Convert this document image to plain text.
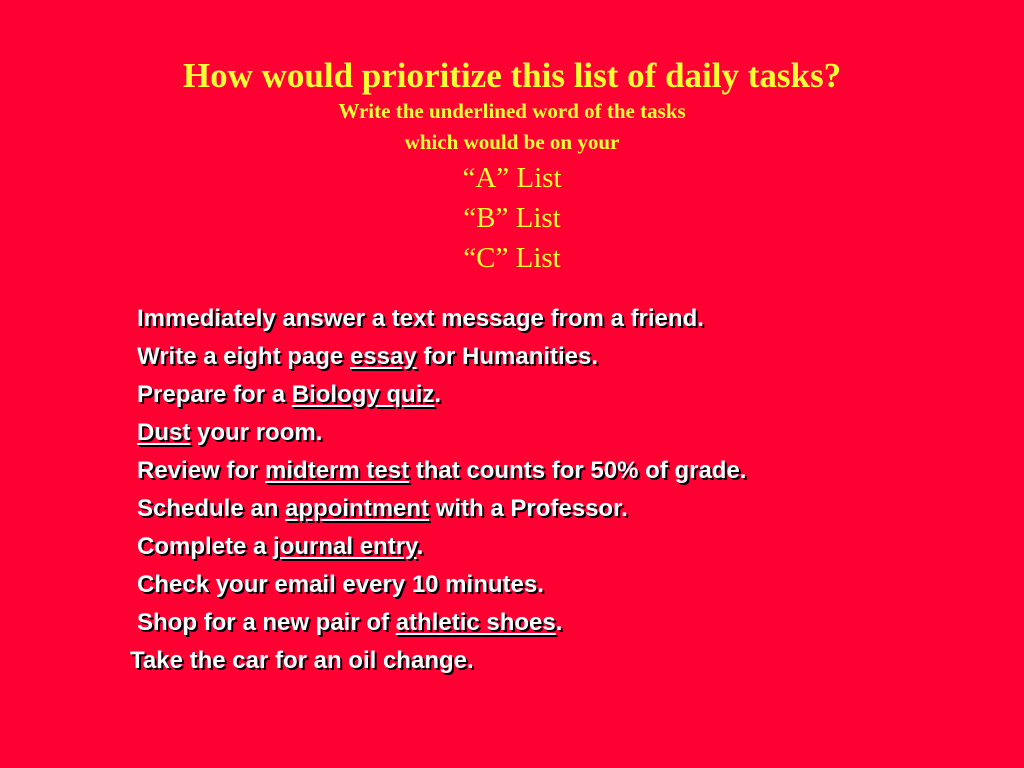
How would prioritize this list of daily tasks?

Write the underlined word of the tasks

which would be on your

“A” List

“B” List

“C” List

Immediately answer a text message from a friend.
Write a eight page essay for Humanities.
Prepare for a Biology quiz.
Dust your room.
Review for midterm test that counts for 50% of grade.
Schedule an appointment with a Professor.
Complete a journal entry.
Check your email every 10 minutes.
Shop for a new pair of athletic shoes.
Take the car for an oil change.
